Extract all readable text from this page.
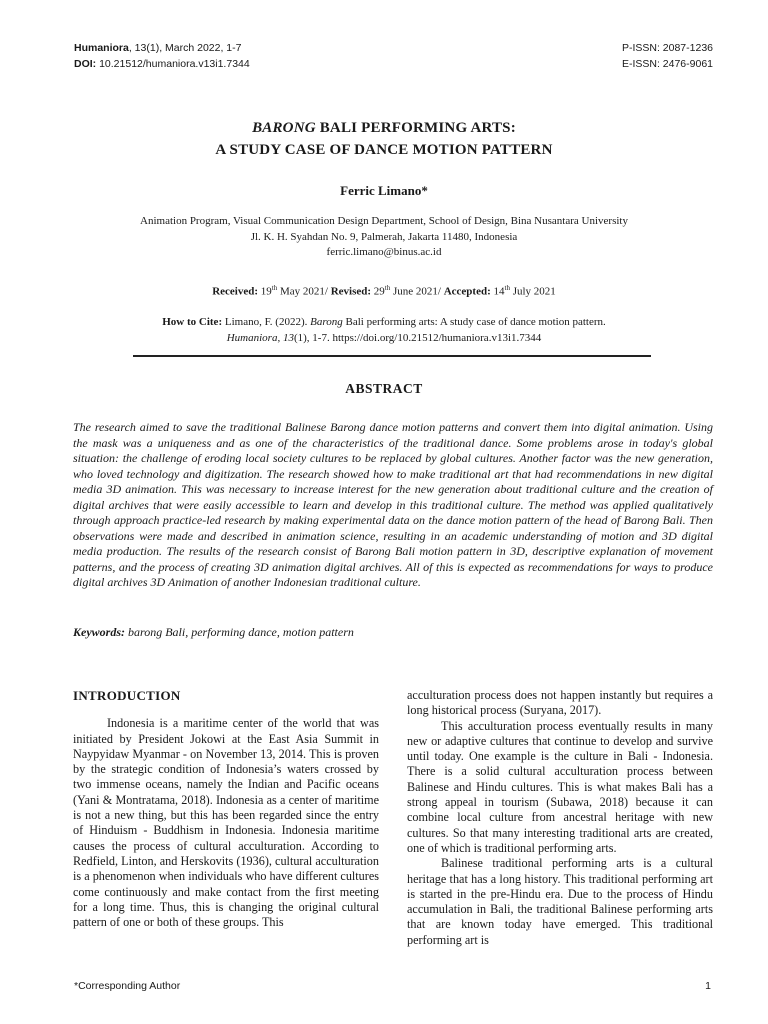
Humaniora, 13(1), March 2022, 1-7
DOI: 10.21512/humaniora.v13i1.7344
P-ISSN: 2087-1236
E-ISSN: 2476-9061
BARONG BALI PERFORMING ARTS:
A STUDY CASE OF DANCE MOTION PATTERN
Ferric Limano*
Animation Program, Visual Communication Design Department, School of Design, Bina Nusantara University
Jl. K. H. Syahdan No. 9, Palmerah, Jakarta 11480, Indonesia
ferric.limano@binus.ac.id
Received: 19th May 2021/ Revised: 29th June 2021/ Accepted: 14th July 2021
How to Cite: Limano, F. (2022). Barong Bali performing arts: A study case of dance motion pattern.
Humaniora, 13(1), 1-7. https://doi.org/10.21512/humaniora.v13i1.7344
ABSTRACT
The research aimed to save the traditional Balinese Barong dance motion patterns and convert them into digital animation. Using the mask was a uniqueness and as one of the characteristics of the traditional dance. Some problems arose in today's global situation: the challenge of eroding local society cultures to be replaced by global cultures. Another factor was the new generation, who loved technology and digitization. The research showed how to make traditional art that had recommendations in new digital media 3D animation. This was necessary to increase interest for the new generation about traditional culture and the creation of digital archives that were easily accessible to learn and develop in this traditional culture. The method was applied qualitatively through approach practice-led research by making experimental data on the dance motion pattern of the head of Barong Bali. Then observations were made and described in animation science, resulting in an academic understanding of motion and 3D digital media production. The results of the research consist of Barong Bali motion pattern in 3D, descriptive explanation of movement patterns, and the process of creating 3D animation digital archives. All of this is expected as recommendations for ways to produce digital archives 3D Animation of another Indonesian traditional culture.
Keywords: barong Bali, performing dance, motion pattern
INTRODUCTION

Indonesia is a maritime center of the world that was initiated by President Jokowi at the East Asia Summit in Naypyidaw Myanmar - on November 13, 2014. This is proven by the strategic condition of Indonesia’s waters crossed by two immense oceans, namely the Indian and Pacific oceans (Yani & Montratama, 2018). Indonesia as a center of maritime is not a new thing, but this has been regarded since the entry of Hinduism - Buddhism in Indonesia. Indonesia maritime causes the process of cultural acculturation. According to Redfield, Linton, and Herskovits (1936), cultural acculturation is a phenomenon when individuals who have different cultures come continuously and make contact from the first meeting for a long time. Thus, this is changing the original cultural pattern of one or both of these groups. This

acculturation process does not happen instantly but requires a long historical process (Suryana, 2017).

This acculturation process eventually results in many new or adaptive cultures that continue to develop and survive until today. One example is the culture in Bali - Indonesia. There is a solid cultural acculturation process between Balinese and Hindu cultures. This is what makes Bali has a strong appeal in tourism (Subawa, 2018) because it can combine local culture from ancestral heritage with new cultures. So that many interesting traditional arts are created, one of which is traditional performing arts.

Balinese traditional performing arts is a cultural heritage that has a long history. This traditional performing art is started in the pre-Hindu era. Due to the process of Hindu accumulation in Bali, the traditional Balinese performing arts that are known today have emerged. This traditional performing art is

*Corresponding Author	1
